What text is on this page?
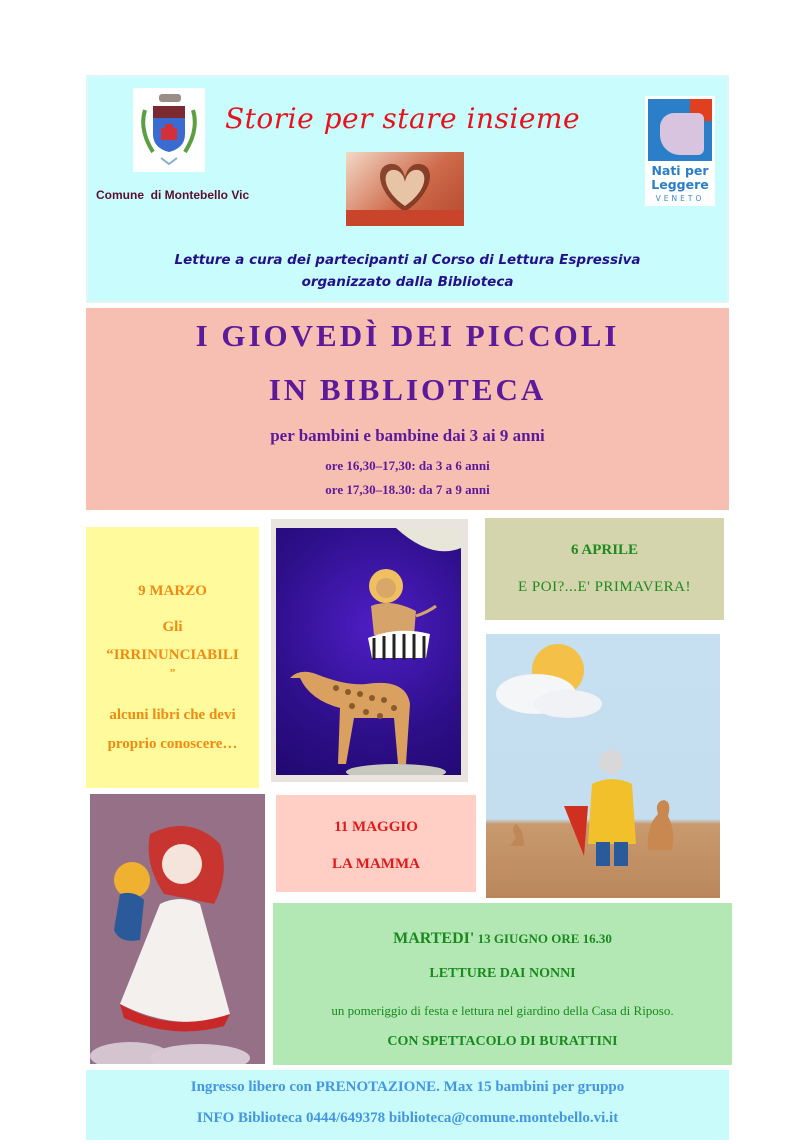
Storie per stare insieme
Nati per
Leggere
VENETO
Comune  di Montebello Vic
Letture a cura dei partecipanti al Corso di Lettura Espressiva
organizzato dalla Biblioteca
I GIOVEDÌ DEI PICCOLI
IN BIBLIOTECA
per bambini e bambine dai 3 ai 9 anni
ore 16,30–17,30: da 3 a 6 anni
ore 17,30–18.30: da 7 a 9 anni
9 MARZO
Gli
“IRRINUNCIABILI
”
alcuni libri che devi
proprio conoscere…
6 APRILE
E POI?...E' PRIMAVERA!
11 MAGGIO
LA MAMMA
MARTEDI' 13 GIUGNO ORE 16.30
LETTURE DAI NONNI
un pomeriggio di festa e lettura nel giardino della Casa di Riposo.
CON SPETTACOLO DI BURATTINI
Ingresso libero con PRENOTAZIONE. Max 15 bambini per gruppo
INFO Biblioteca 0444/649378 biblioteca@comune.montebello.vi.it
